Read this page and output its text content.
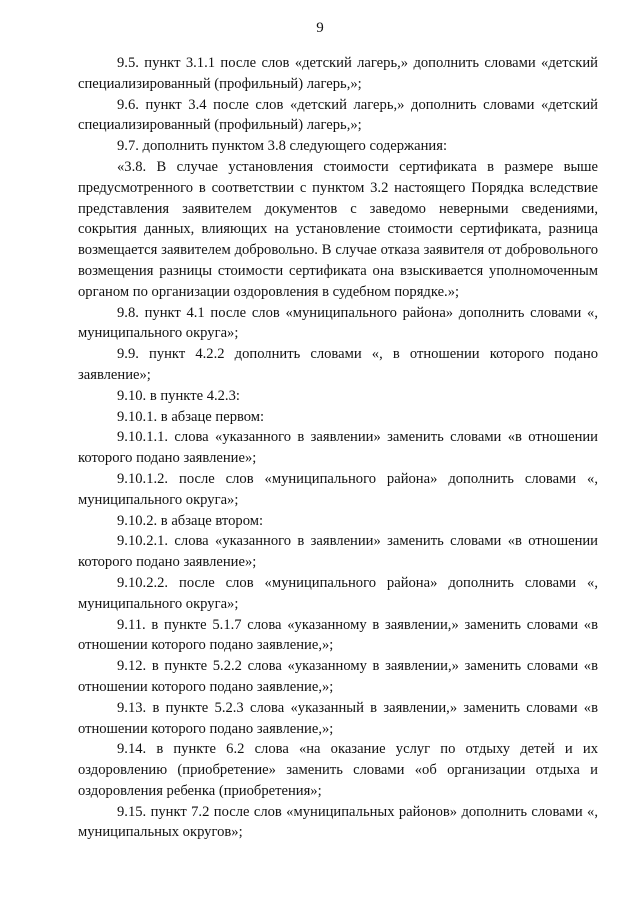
9

9.5. пункт 3.1.1 после слов «детский лагерь,» дополнить словами «детский специализированный (профильный) лагерь,»;

9.6. пункт 3.4 после слов «детский лагерь,» дополнить словами «детский специализированный (профильный) лагерь,»;

9.7. дополнить пунктом 3.8 следующего содержания:

«3.8. В случае установления стоимости сертификата в размере выше предусмотренного в соответствии с пунктом 3.2 настоящего Порядка вследствие представления заявителем документов с заведомо неверными сведениями, сокрытия данных, влияющих на установление стоимости сертификата, разница возмещается заявителем добровольно. В случае отказа заявителя от добровольного возмещения разницы стоимости сертификата она взыскивается уполномоченным органом по организации оздоровления в судебном порядке.»;

9.8. пункт 4.1 после слов «муниципального района» дополнить словами «, муниципального округа»;

9.9. пункт 4.2.2 дополнить словами «, в отношении которого подано заявление»;

9.10. в пункте 4.2.3:

9.10.1. в абзаце первом:

9.10.1.1. слова «указанного в заявлении» заменить словами «в отношении которого подано заявление»;

9.10.1.2. после слов «муниципального района» дополнить словами «, муниципального округа»;

9.10.2. в абзаце втором:

9.10.2.1. слова «указанного в заявлении» заменить словами «в отношении которого подано заявление»;

9.10.2.2. после слов «муниципального района» дополнить словами «, муниципального округа»;

9.11. в пункте 5.1.7 слова «указанному в заявлении,» заменить словами «в отношении которого подано заявление,»;

9.12. в пункте 5.2.2 слова «указанному в заявлении,» заменить словами «в отношении которого подано заявление,»;

9.13. в пункте 5.2.3 слова «указанный в заявлении,» заменить словами «в отношении которого подано заявление,»;

9.14. в пункте 6.2 слова «на оказание услуг по отдыху детей и их оздоровлению (приобретение» заменить словами «об организации отдыха и оздоровления ребенка (приобретения»;

9.15. пункт 7.2 после слов «муниципальных районов» дополнить словами «, муниципальных округов»;
